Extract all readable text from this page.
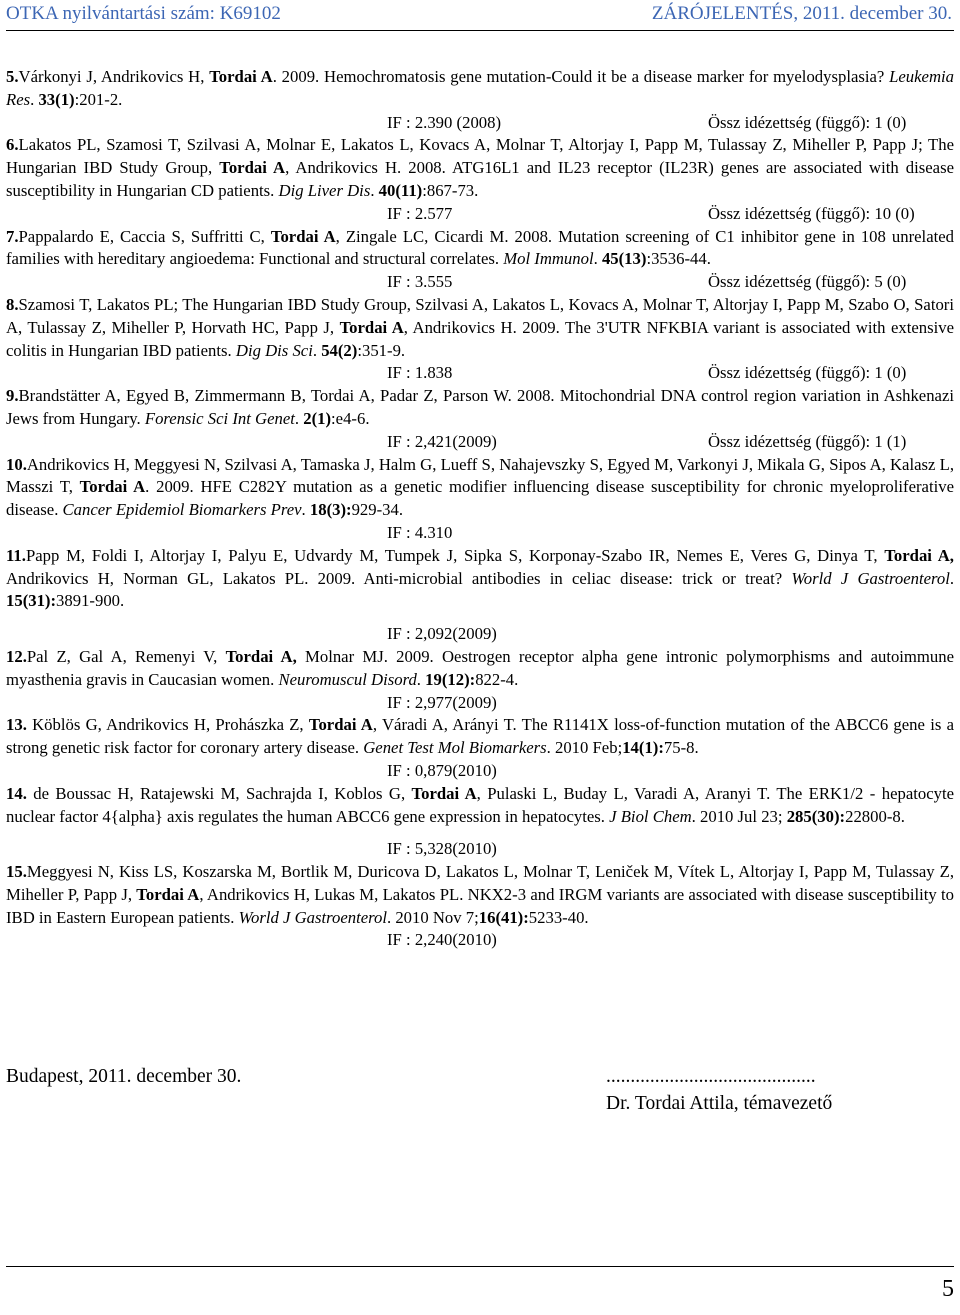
OTKA nyilvántartási szám: K69102	ZÁRÓJELENTÉS, 2011. december 30.
5.Várkonyi J, Andrikovics H, Tordai A. 2009. Hemochromatosis gene mutation-Could it be a disease marker for myelodysplasia? Leukemia Res. 33(1):201-2.
IF : 2.390 (2008)	Össz idézettség (függő): 1 (0)
6.Lakatos PL, Szamosi T, Szilvasi A, Molnar E, Lakatos L, Kovacs A, Molnar T, Altorjay I, Papp M, Tulassay Z, Miheller P, Papp J; The Hungarian IBD Study Group, Tordai A, Andrikovics H. 2008. ATG16L1 and IL23 receptor (IL23R) genes are associated with disease susceptibility in Hungarian CD patients. Dig Liver Dis. 40(11):867-73.
IF : 2.577	Össz idézettség (függő): 10 (0)
7.Pappalardo E, Caccia S, Suffritti C, Tordai A, Zingale LC, Cicardi M. 2008. Mutation screening of C1 inhibitor gene in 108 unrelated families with hereditary angioedema: Functional and structural correlates. Mol Immunol. 45(13):3536-44.
IF : 3.555	Össz idézettség (függő): 5 (0)
8.Szamosi T, Lakatos PL; The Hungarian IBD Study Group, Szilvasi A, Lakatos L, Kovacs A, Molnar T, Altorjay I, Papp M, Szabo O, Satori A, Tulassay Z, Miheller P, Horvath HC, Papp J, Tordai A, Andrikovics H. 2009. The 3'UTR NFKBIA variant is associated with extensive colitis in Hungarian IBD patients. Dig Dis Sci. 54(2):351-9.
IF : 1.838	Össz idézettség (függő): 1 (0)
9.Brandstätter A, Egyed B, Zimmermann B, Tordai A, Padar Z, Parson W. 2008. Mitochondrial DNA control region variation in Ashkenazi Jews from Hungary. Forensic Sci Int Genet. 2(1):e4-6.
IF : 2,421(2009)	Össz idézettség (függő): 1 (1)
10.Andrikovics H, Meggyesi N, Szilvasi A, Tamaska J, Halm G, Lueff S, Nahajevszky S, Egyed M, Varkonyi J, Mikala G, Sipos A, Kalasz L, Masszi T, Tordai A. 2009. HFE C282Y mutation as a genetic modifier influencing disease susceptibility for chronic myeloproliferative disease. Cancer Epidemiol Biomarkers Prev. 18(3):929-34.
IF : 4.310
11.Papp M, Foldi I, Altorjay I, Palyu E, Udvardy M, Tumpek J, Sipka S, Korponay-Szabo IR, Nemes E, Veres G, Dinya T, Tordai A, Andrikovics H, Norman GL, Lakatos PL. 2009. Anti-microbial antibodies in celiac disease: trick or treat? World J Gastroenterol. 15(31):3891-900.
IF : 2,092(2009)
12.Pal Z, Gal A, Remenyi V, Tordai A, Molnar MJ. 2009. Oestrogen receptor alpha gene intronic polymorphisms and autoimmune myasthenia gravis in Caucasian women. Neuromuscul Disord. 19(12):822-4.
IF : 2,977(2009)
13. Köblös G, Andrikovics H, Prohászka Z, Tordai A, Váradi A, Arányi T. The R1141X loss-of-function mutation of the ABCC6 gene is a strong genetic risk factor for coronary artery disease. Genet Test Mol Biomarkers. 2010 Feb;14(1):75-8.
IF : 0,879(2010)
14. de Boussac H, Ratajewski M, Sachrajda I, Koblos G, Tordai A, Pulaski L, Buday L, Varadi A, Aranyi T. The ERK1/2 - hepatocyte nuclear factor 4{alpha} axis regulates the human ABCC6 gene expression in hepatocytes. J Biol Chem. 2010 Jul 23; 285(30):22800-8.
IF : 5,328(2010)
15.Meggyesi N, Kiss LS, Koszarska M, Bortlik M, Duricova D, Lakatos L, Molnar T, Leniček M, Vítek L, Altorjay I, Papp M, Tulassay Z, Miheller P, Papp J, Tordai A, Andrikovics H, Lukas M, Lakatos PL. NKX2-3 and IRGM variants are associated with disease susceptibility to IBD in Eastern European patients. World J Gastroenterol. 2010 Nov 7;16(41):5233-40.
IF : 2,240(2010)
Budapest, 2011. december 30.	...........................................
Dr. Tordai Attila, témavezető
5
